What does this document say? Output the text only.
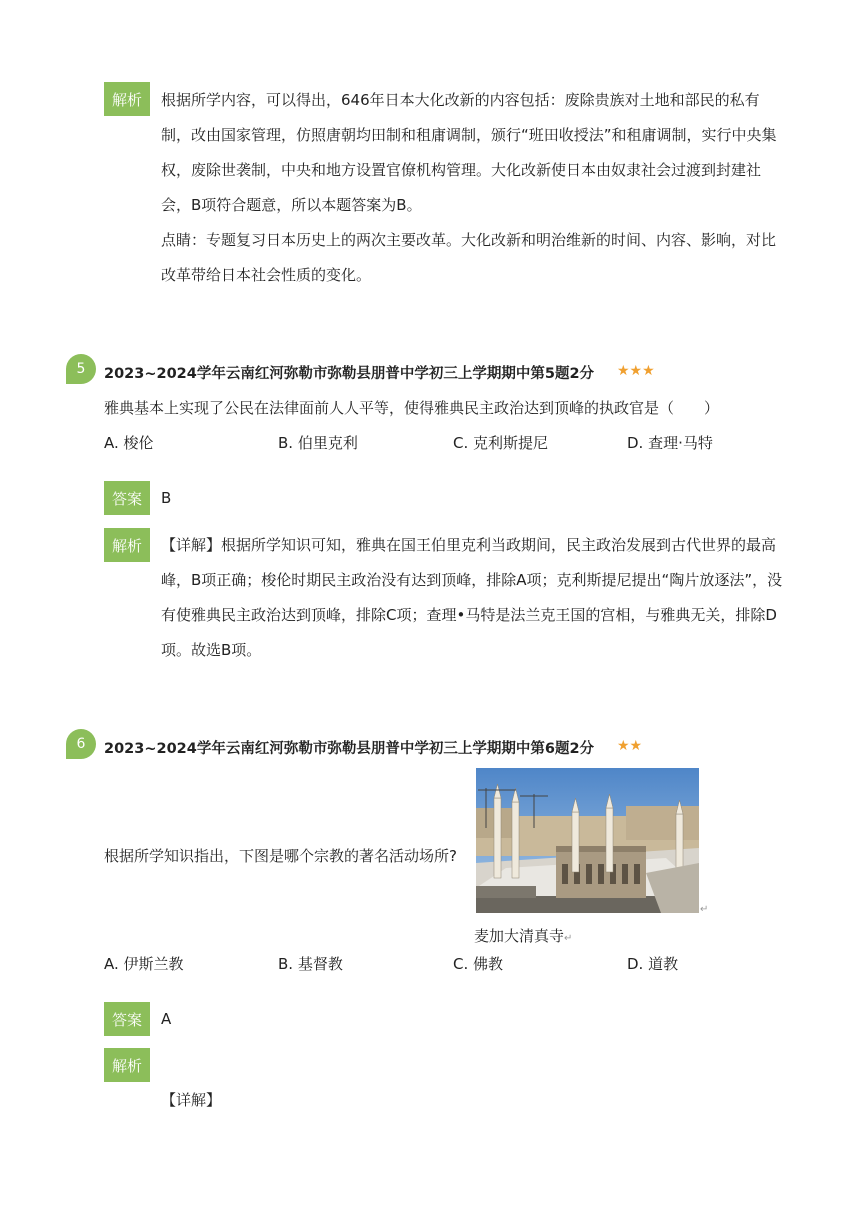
解析	根据所学内容，可以得出，646年日本大化改新的内容包括：废除贵族对土地和部民的私有

制，改由国家管理，仿照唐朝均田制和租庸调制，颁行“班田收授法”和租庸调制，实行中央集

权，废除世袭制，中央和地方设置官僚机构管理。大化改新使日本由奴隶社会过渡到封建社

会，B项符合题意，所以本题答案为B。

点睛：专题复习日本历史上的两次主要改革。大化改新和明治维新的时间、内容、影响，对比

改革带给日本社会性质的变化。

5	2023~2024学年云南红河弥勒市弥勒县朋普中学初三上学期期中第5题2分 ★★★
雅典基本上实现了公民在法律面前人人平等，使得雅典民主政治达到顶峰的执政官是（　　）
A. 梭伦	B. 伯里克利	C. 克利斯提尼	D. 查理·马特
答案	B
解析	【详解】根据所学知识可知，雅典在国王伯里克利当政期间，民主政治发展到古代世界的最高

峰，B项正确；梭伦时期民主政治没有达到顶峰，排除A项；克利斯提尼提出“陶片放逐法”，没

有使雅典民主政治达到顶峰，排除C项；查理•马特是法兰克王国的宫相，与雅典无关，排除D

项。故选B项。

6	2023~2024学年云南红河弥勒市弥勒县朋普中学初三上学期期中第6题2分 ★★
根据所学知识指出，下图是哪个宗教的著名活动场所?
↵
麦加大清真寺↵
A. 伊斯兰教	B. 基督教	C. 佛教	D. 道教
答案	A
解析

【详解】
